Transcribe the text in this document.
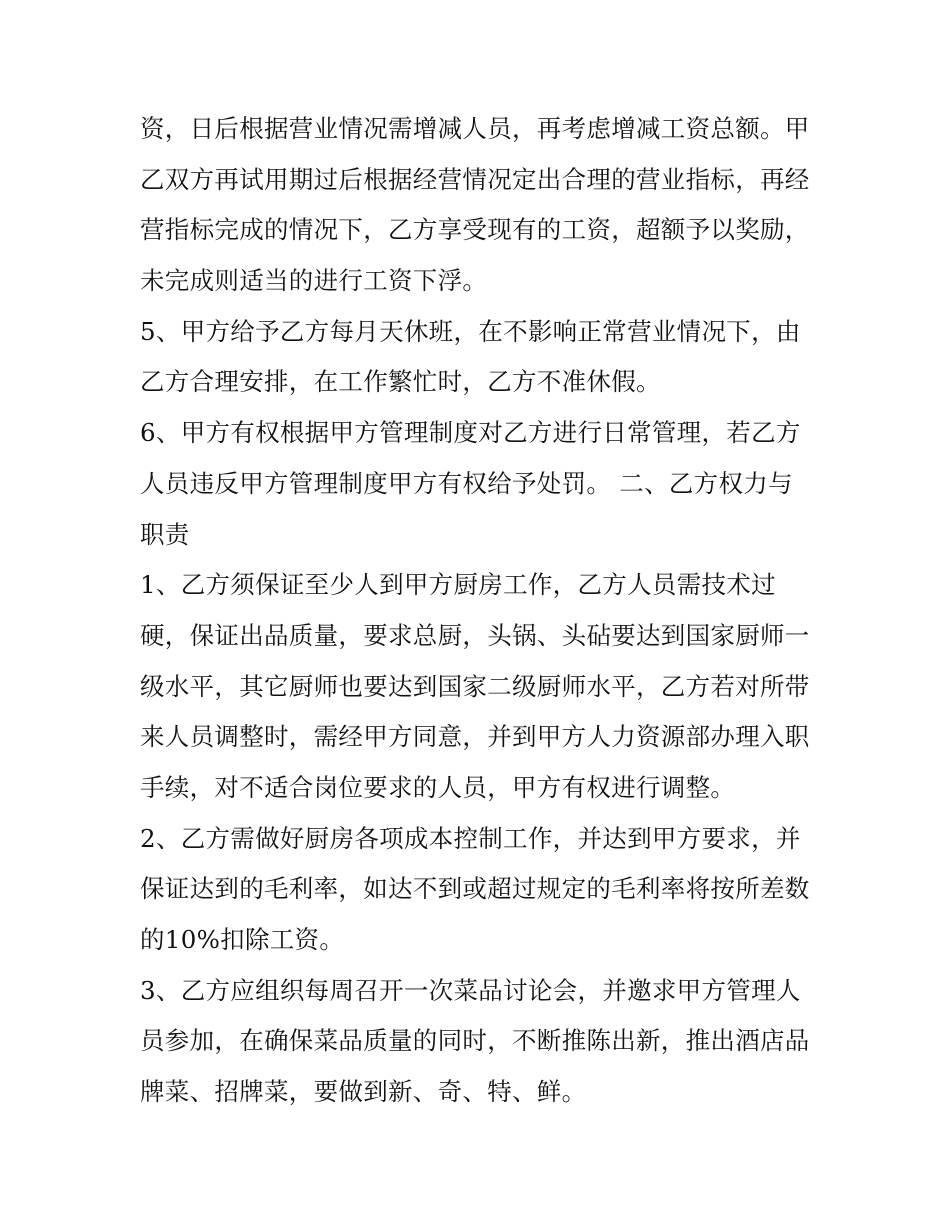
资，日后根据营业情况需增减人员，再考虑增减工资总额。甲
乙双方再试用期过后根据经营情况定出合理的营业指标，再经
营指标完成的情况下，乙方享受现有的工资，超额予以奖励，
未完成则适当的进行工资下浮。
5、甲方给予乙方每月天休班，在不影响正常营业情况下，由
乙方合理安排，在工作繁忙时，乙方不准休假。
6、甲方有权根据甲方管理制度对乙方进行日常管理，若乙方
人员违反甲方管理制度甲方有权给予处罚。 二、乙方权力与
职责
1、乙方须保证至少人到甲方厨房工作，乙方人员需技术过
硬，保证出品质量，要求总厨，头锅、头砧要达到国家厨师一
级水平，其它厨师也要达到国家二级厨师水平，乙方若对所带
来人员调整时，需经甲方同意，并到甲方人力资源部办理入职
手续，对不适合岗位要求的人员，甲方有权进行调整。
2、乙方需做好厨房各项成本控制工作，并达到甲方要求，并
保证达到的毛利率，如达不到或超过规定的毛利率将按所差数
的10%扣除工资。
3、乙方应组织每周召开一次菜品讨论会，并邀求甲方管理人
员参加，在确保菜品质量的同时，不断推陈出新，推出酒店品
牌菜、招牌菜，要做到新、奇、特、鲜。
